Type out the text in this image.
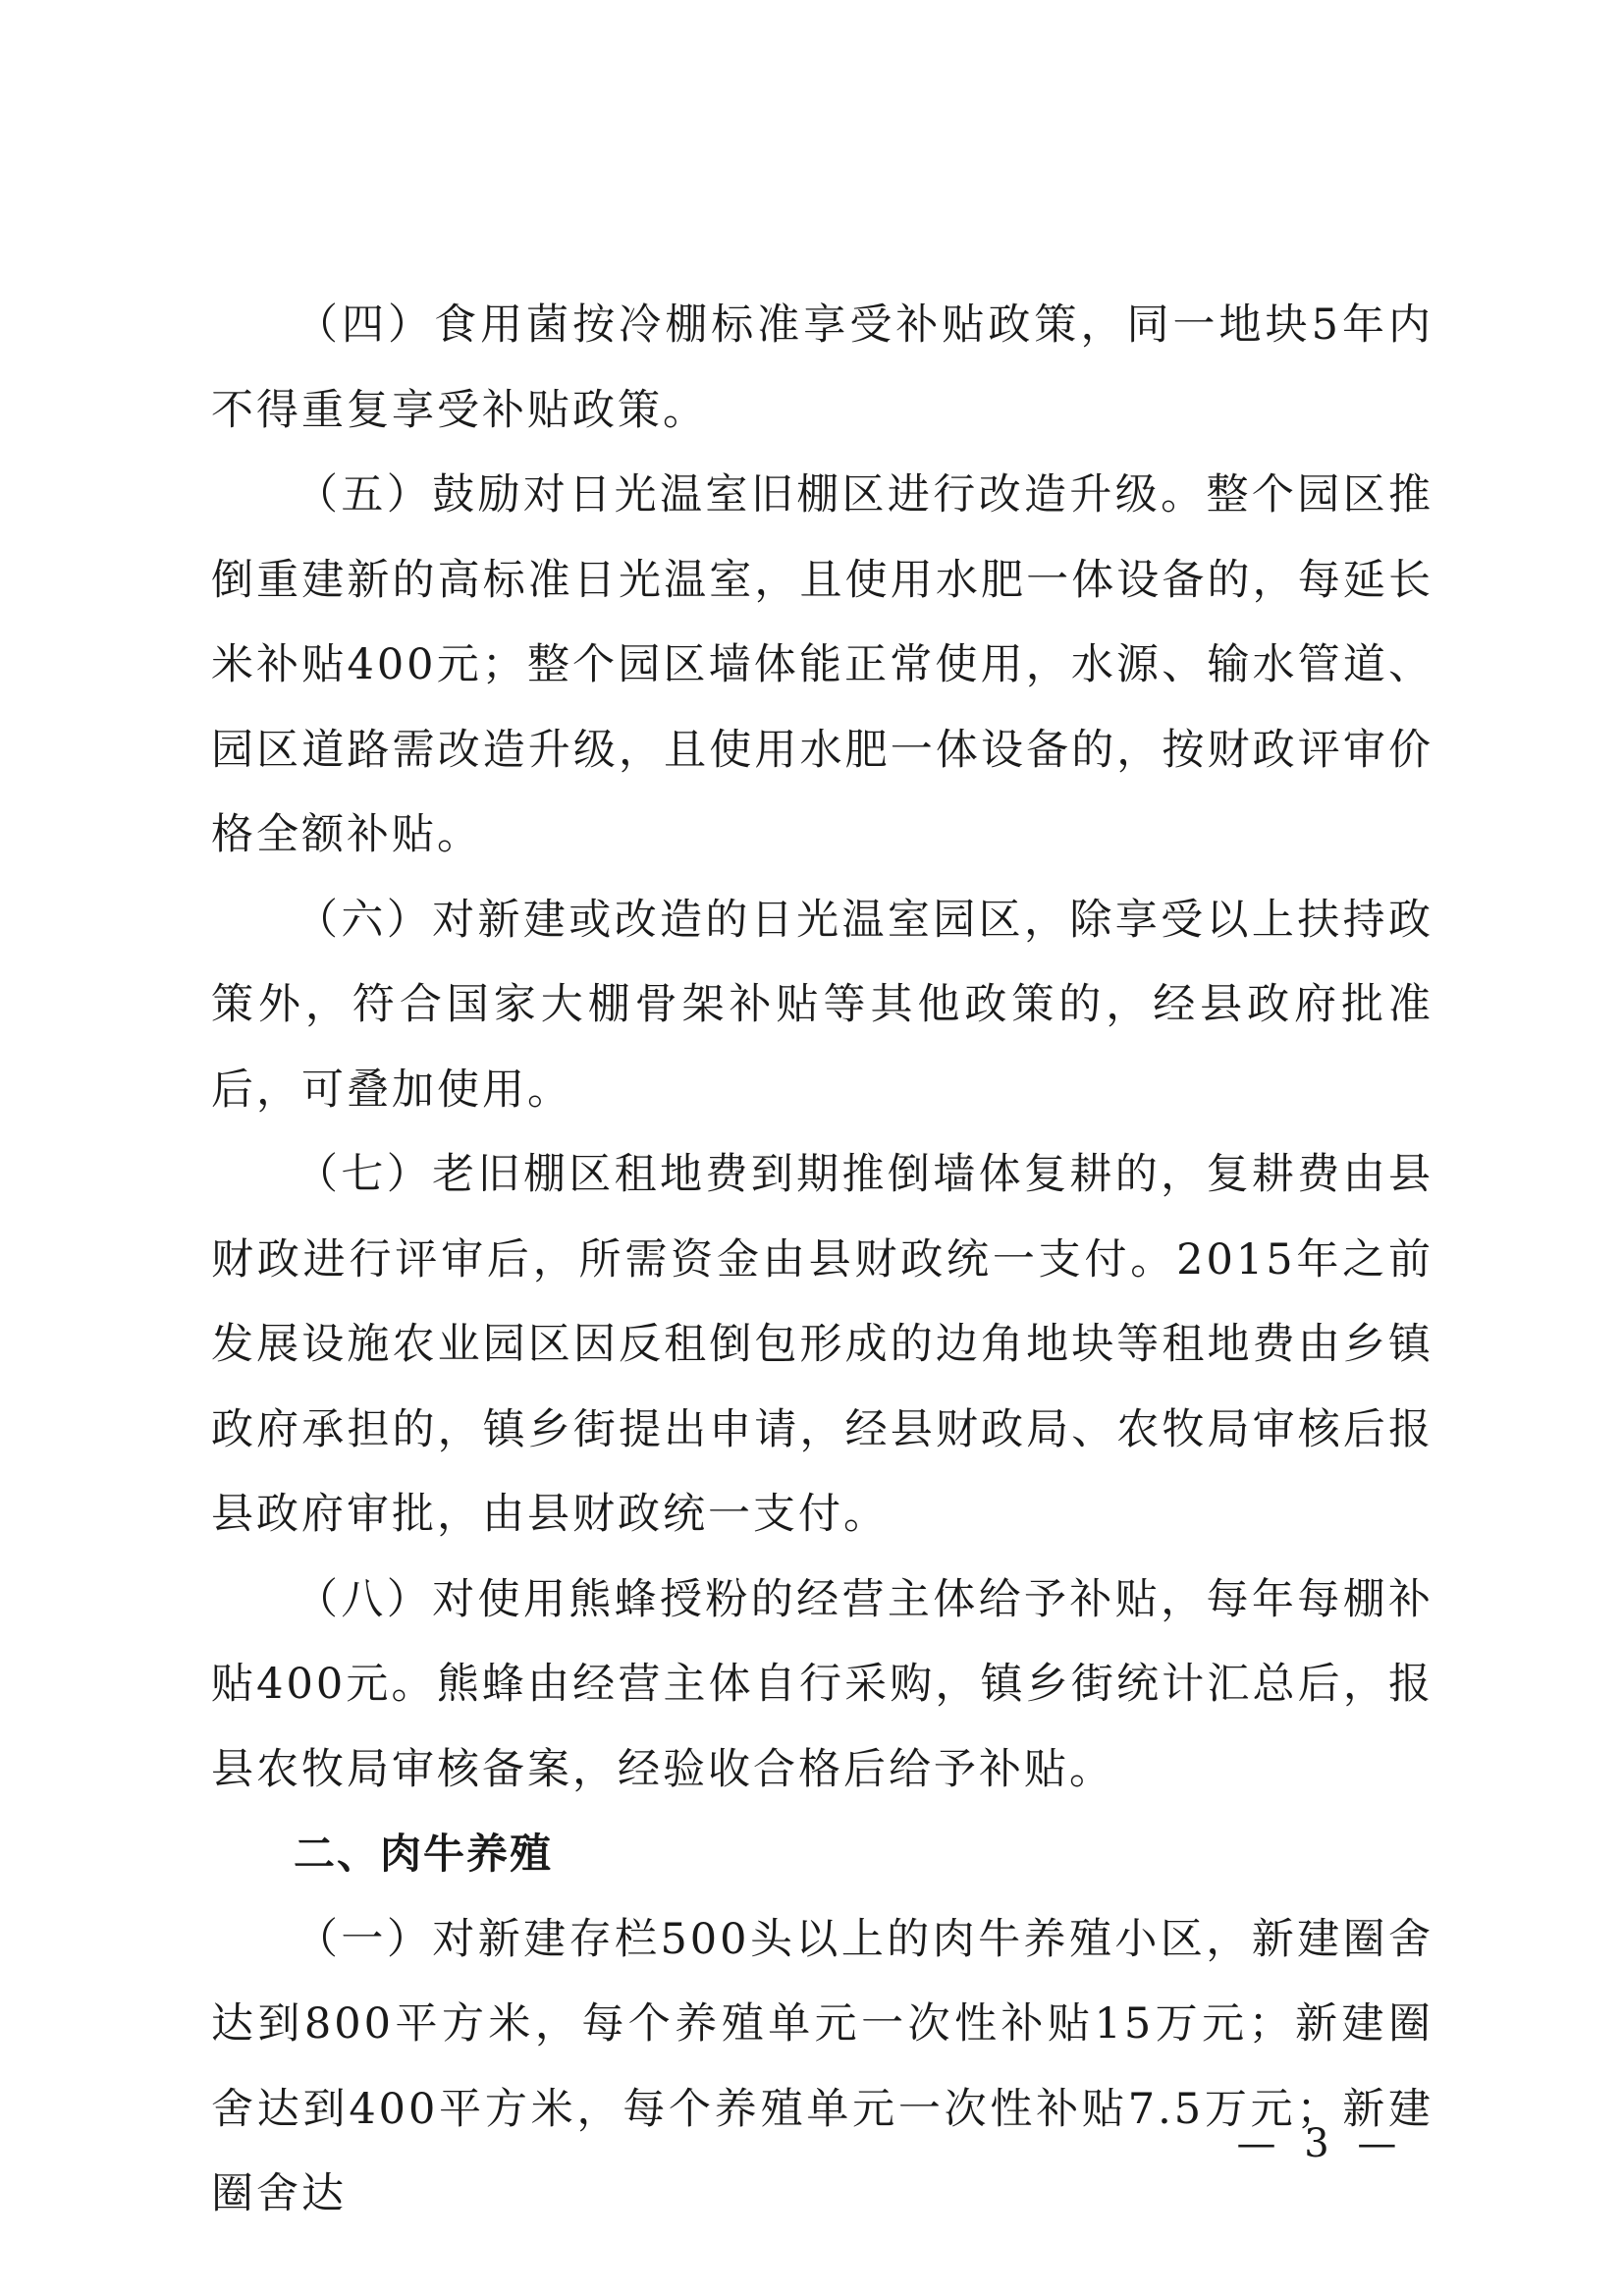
（四）食用菌按冷棚标准享受补贴政策，同一地块5年内不得重复享受补贴政策。

（五）鼓励对日光温室旧棚区进行改造升级。整个园区推倒重建新的高标准日光温室，且使用水肥一体设备的，每延长米补贴400元；整个园区墙体能正常使用，水源、输水管道、园区道路需改造升级，且使用水肥一体设备的，按财政评审价格全额补贴。

（六）对新建或改造的日光温室园区，除享受以上扶持政策外，符合国家大棚骨架补贴等其他政策的，经县政府批准后，可叠加使用。

（七）老旧棚区租地费到期推倒墙体复耕的，复耕费由县财政进行评审后，所需资金由县财政统一支付。2015年之前发展设施农业园区因反租倒包形成的边角地块等租地费由乡镇政府承担的，镇乡街提出申请，经县财政局、农牧局审核后报县政府审批，由县财政统一支付。

（八）对使用熊蜂授粉的经营主体给予补贴，每年每棚补贴400元。熊蜂由经营主体自行采购，镇乡街统计汇总后，报县农牧局审核备案，经验收合格后给予补贴。

二、肉牛养殖

（一）对新建存栏500头以上的肉牛养殖小区，新建圈舍达到800平方米，每个养殖单元一次性补贴15万元；新建圈舍达到400平方米，每个养殖单元一次性补贴7.5万元；新建圈舍达

— 3 —
